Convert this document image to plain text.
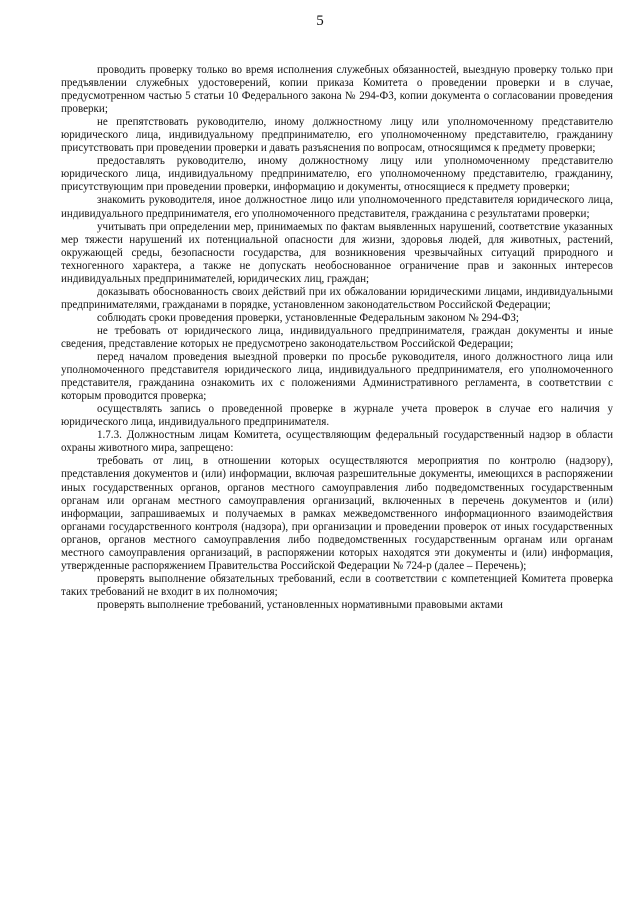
5

проводить проверку только во время исполнения служебных обязанностей, выездную проверку только при предъявлении служебных удостоверений, копии приказа Комитета о проведении проверки и в случае, предусмотренном частью 5 статьи 10 Федерального закона № 294-ФЗ, копии документа о согласовании проведения проверки;

не препятствовать руководителю, иному должностному лицу или уполномоченному представителю юридического лица, индивидуальному предпринимателю, его уполномоченному представителю, гражданину присутствовать при проведении проверки и давать разъяснения по вопросам, относящимся к предмету проверки;

предоставлять руководителю, иному должностному лицу или уполномоченному представителю юридического лица, индивидуальному предпринимателю, его уполномоченному представителю, гражданину, присутствующим при проведении проверки, информацию и документы, относящиеся к предмету проверки;

знакомить руководителя, иное должностное лицо или уполномоченного представителя юридического лица, индивидуального предпринимателя, его уполномоченного представителя, гражданина с результатами проверки;

учитывать при определении мер, принимаемых по фактам выявленных нарушений, соответствие указанных мер тяжести нарушений их потенциальной опасности для жизни, здоровья людей, для животных, растений, окружающей среды, безопасности государства, для возникновения чрезвычайных ситуаций природного и техногенного характера, а также не допускать необоснованное ограничение прав и законных интересов индивидуальных предпринимателей, юридических лиц, граждан;

доказывать обоснованность своих действий при их обжаловании юридическими лицами, индивидуальными предпринимателями, гражданами в порядке, установленном законодательством Российской Федерации;

соблюдать сроки проведения проверки, установленные Федеральным законом № 294-ФЗ;

не требовать от юридического лица, индивидуального предпринимателя, граждан документы и иные сведения, представление которых не предусмотрено законодательством Российской Федерации;

перед началом проведения выездной проверки по просьбе руководителя, иного должностного лица или уполномоченного представителя юридического лица, индивидуального предпринимателя, его уполномоченного представителя, гражданина ознакомить их с положениями Административного регламента, в соответствии с которым проводится проверка;

осуществлять запись о проведенной проверке в журнале учета проверок в случае его наличия у юридического лица, индивидуального предпринимателя.

1.7.3. Должностным лицам Комитета, осуществляющим федеральный государственный надзор в области охраны животного мира, запрещено:

требовать от лиц, в отношении которых осуществляются мероприятия по контролю (надзору), представления документов и (или) информации, включая разрешительные документы, имеющихся в распоряжении иных государственных органов, органов местного самоуправления либо подведомственных государственным органам или органам местного самоуправления организаций, включенных в перечень документов и (или) информации, запрашиваемых и получаемых в рамках межведомственного информационного взаимодействия органами государственного контроля (надзора), при организации и проведении проверок от иных государственных органов, органов местного самоуправления либо подведомственных государственным органам или органам местного самоуправления организаций, в распоряжении которых находятся эти документы и (или) информация, утвержденные распоряжением Правительства Российской Федерации № 724-р (далее – Перечень);

проверять выполнение обязательных требований, если в соответствии с компетенцией Комитета проверка таких требований не входит в их полномочия;

проверять выполнение требований, установленных нормативными правовыми актами
